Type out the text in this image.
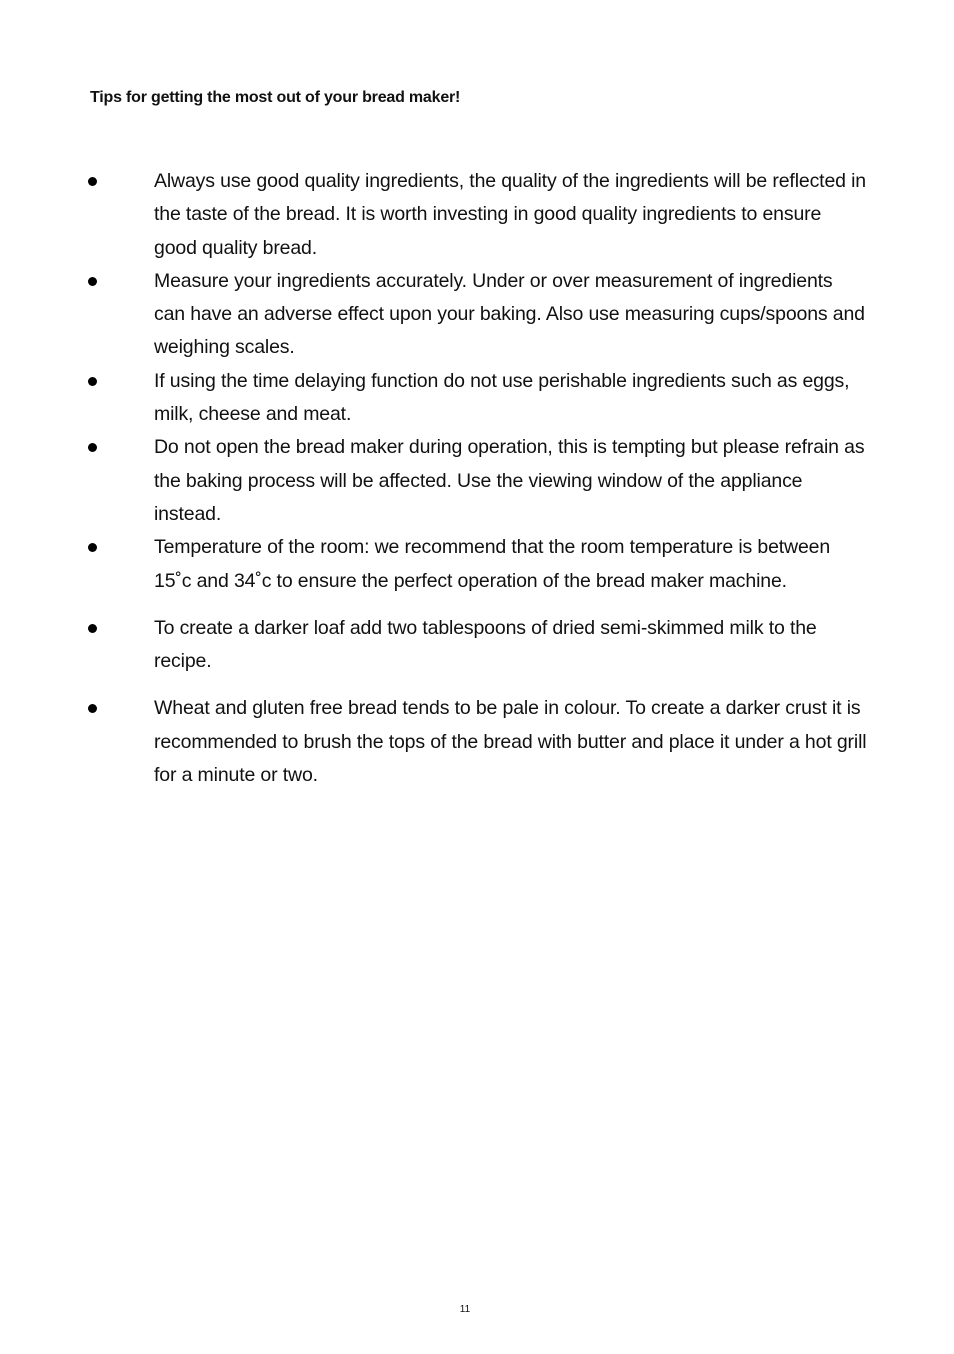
Tips for getting the most out of your bread maker!
Always use good quality ingredients, the quality of the ingredients will be reflected in the taste of the bread. It is worth investing in good quality ingredients to ensure good quality bread.
Measure your ingredients accurately. Under or over measurement of ingredients can have an adverse effect upon your baking. Also use measuring cups/spoons and weighing scales.
If using the time delaying function do not use perishable ingredients such as eggs, milk, cheese and meat.
Do not open the bread maker during operation, this is tempting but please refrain as the baking process will be affected. Use the viewing window of the appliance instead.
Temperature of the room: we recommend that the room temperature is between 15˚c and 34˚c to ensure the perfect operation of the bread maker machine.
To create a darker loaf add two tablespoons of dried semi-skimmed milk to the recipe.
Wheat and gluten free bread tends to be pale in colour. To create a darker crust it is recommended to brush the tops of the bread with butter and place it under a hot grill for a minute or two.

11
